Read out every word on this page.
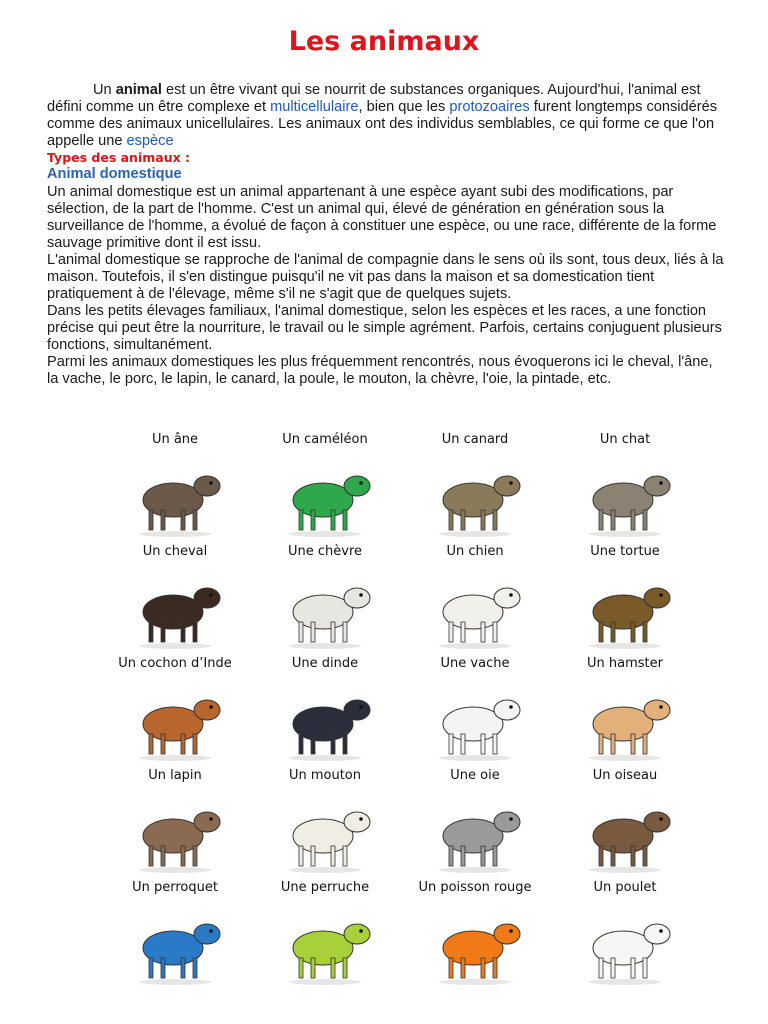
Les animaux
Un animal est un être vivant qui se nourrit de substances organiques. Aujourd'hui, l'animal est défini comme un être complexe et multicellulaire, bien que les protozoaires furent longtemps considérés comme des animaux unicellulaires. Les animaux ont des individus semblables, ce qui forme ce que l'on appelle une espèce
Types des animaux :
Animal domestique

Un animal domestique est un animal appartenant à une espèce ayant subi des modifications, par sélection, de la part de l'homme. C'est un animal qui, élevé de génération en génération sous la surveillance de l'homme, a évolué de façon à constituer une espèce, ou une race, différente de la forme sauvage primitive dont il est issu.

L'animal domestique se rapproche de l'animal de compagnie dans le sens où ils sont, tous deux, liés à la maison. Toutefois, il s'en distingue puisqu'il ne vit pas dans la maison et sa domestication tient pratiquement à de l'élevage, même s'il ne s'agit que de quelques sujets.

Dans les petits élevages familiaux, l'animal domestique, selon les espèces et les races, a une fonction précise qui peut être la nourriture, le travail ou le simple agrément. Parfois, certains conjuguent plusieurs fonctions, simultanément.

Parmi les animaux domestiques les plus fréquemment rencontrés, nous évoquerons ici le cheval, l'âne, la vache, le porc, le lapin, le canard, la poule, le mouton, la chèvre, l'oie, la pintade, etc.

Un âne	Un caméléon	Un canard	Un chat
Un cheval	Une chèvre	Un chien	Une tortue
Un cochon d’Inde	Une dinde	Une vache	Un hamster
Un lapin	Un mouton	Une oie	Un oiseau
Un perroquet	Une perruche	Un poisson rouge	Un poulet
